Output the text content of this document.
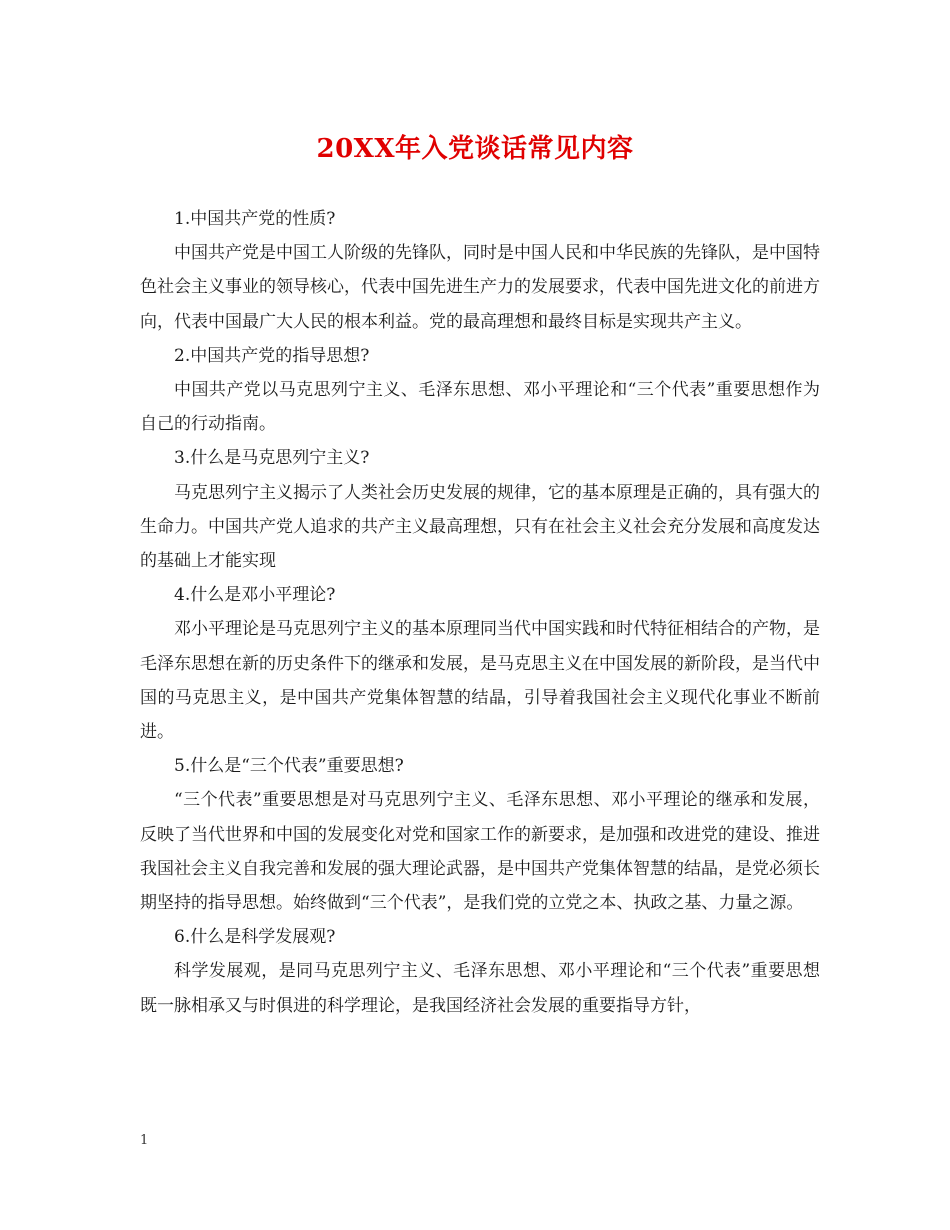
20XX年入党谈话常见内容

1.中国共产党的性质?

中国共产党是中国工人阶级的先锋队，同时是中国人民和中华民族的先锋队，是中国特色社会主义事业的领导核心，代表中国先进生产力的发展要求，代表中国先进文化的前进方向，代表中国最广大人民的根本利益。党的最高理想和最终目标是实现共产主义。

2.中国共产党的指导思想?

中国共产党以马克思列宁主义、毛泽东思想、邓小平理论和“三个代表”重要思想作为自己的行动指南。

3.什么是马克思列宁主义?

马克思列宁主义揭示了人类社会历史发展的规律，它的基本原理是正确的，具有强大的生命力。中国共产党人追求的共产主义最高理想，只有在社会主义社会充分发展和高度发达的基础上才能实现

4.什么是邓小平理论?

邓小平理论是马克思列宁主义的基本原理同当代中国实践和时代特征相结合的产物，是毛泽东思想在新的历史条件下的继承和发展，是马克思主义在中国发展的新阶段，是当代中国的马克思主义，是中国共产党集体智慧的结晶，引导着我国社会主义现代化事业不断前进。

5.什么是“三个代表”重要思想?

“三个代表”重要思想是对马克思列宁主义、毛泽东思想、邓小平理论的继承和发展，反映了当代世界和中国的发展变化对党和国家工作的新要求，是加强和改进党的建设、推进我国社会主义自我完善和发展的强大理论武器，是中国共产党集体智慧的结晶，是党必须长期坚持的指导思想。始终做到“三个代表”，是我们党的立党之本、执政之基、力量之源。

6.什么是科学发展观?

科学发展观，是同马克思列宁主义、毛泽东思想、邓小平理论和“三个代表”重要思想既一脉相承又与时俱进的科学理论，是我国经济社会发展的重要指导方针，

1
